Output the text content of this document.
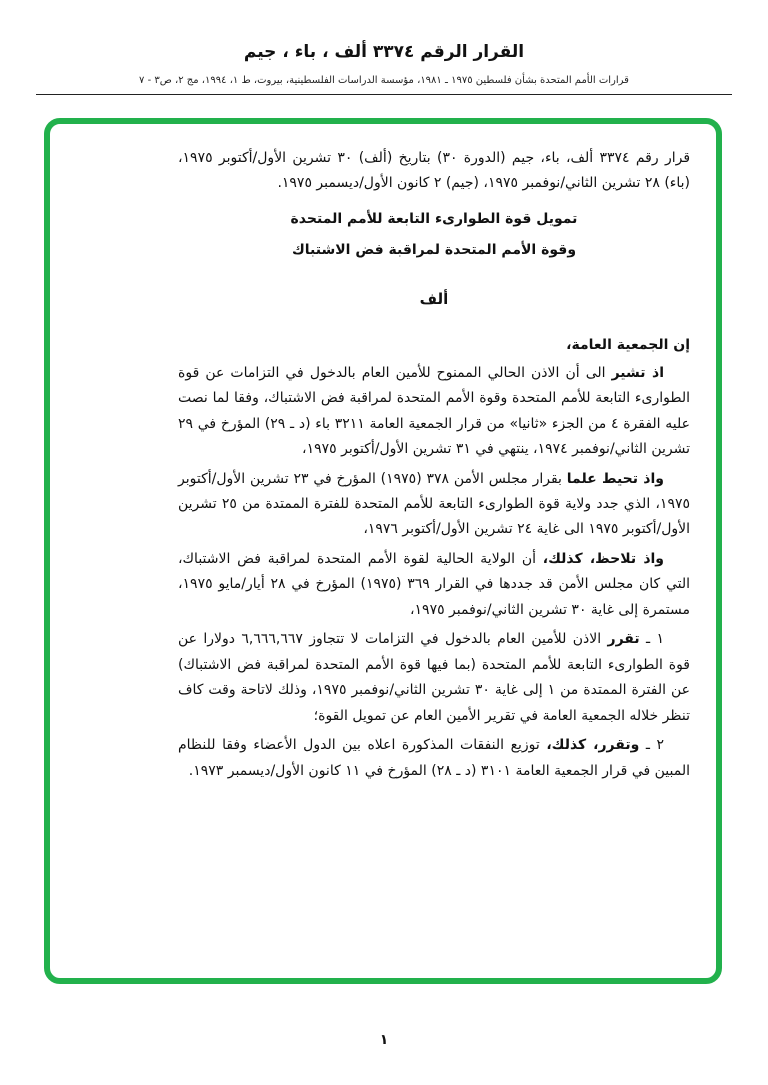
القرار الرقم ٣٣٧٤ ألف ، باء ، جيم
قرارات الأمم المتحدة بشأن فلسطين ١٩٧٥ ـ ١٩٨١، مؤسسة الدراسات الفلسطينية، بيروت، ط ١، ١٩٩٤، مج ٢، ص٣ - ٧
قرار رقم ٣٣٧٤ ألف، باء، جيم (الدورة ٣٠) بتاريخ (ألف) ٣٠ تشرين الأول/أكتوبر ١٩٧٥، (باء) ٢٨ تشرين الثاني/نوفمبر ١٩٧٥، (جيم) ٢ كانون الأول/ديسمبر ١٩٧٥.
تمويل قوة الطوارىء التابعة للأمم المتحدة
وقوة الأمم المتحدة لمراقبة فض الاشتباك
ألف
إن الجمعية العامة،

اذ تشير الى أن الاذن الحالي الممنوح للأمين العام بالدخول في التزامات عن قوة الطوارىء التابعة للأمم المتحدة وقوة الأمم المتحدة لمراقبة فض الاشتباك، وفقا لما نصت عليه الفقرة ٤ من الجزء «ثانيا» من قرار الجمعية العامة ٣٢١١ باء (د ـ ٢٩) المؤرخ في ٢٩ تشرين الثاني/نوفمبر ١٩٧٤، ينتهي في ٣١ تشرين الأول/أكتوبر ١٩٧٥،

واذ تحيط علما بقرار مجلس الأمن ٣٧٨ (١٩٧٥) المؤرخ في ٢٣ تشرين الأول/أكتوبر ١٩٧٥، الذي جدد ولاية قوة الطوارىء التابعة للأمم المتحدة للفترة الممتدة من ٢٥ تشرين الأول/أكتوبر ١٩٧٥ الى غاية ٢٤ تشرين الأول/أكتوبر ١٩٧٦،

واذ تلاحظ، كذلك، أن الولاية الحالية لقوة الأمم المتحدة لمراقبة فض الاشتباك، التي كان مجلس الأمن قد جددها في القرار ٣٦٩ (١٩٧٥) المؤرخ في ٢٨ أيار/مايو ١٩٧٥، مستمرة إلى غاية ٣٠ تشرين الثاني/نوفمبر ١٩٧٥،

١ ـ تقرر الاذن للأمين العام بالدخول في التزامات لا تتجاوز ٦,٦٦٦,٦٦٧ دولارا عن قوة الطوارىء التابعة للأمم المتحدة (بما فيها قوة الأمم المتحدة لمراقبة فض الاشتباك) عن الفترة الممتدة من ١ إلى غاية ٣٠ تشرين الثاني/نوفمبر ١٩٧٥، وذلك لاتاحة وقت كاف تنظر خلاله الجمعية العامة في تقرير الأمين العام عن تمويل القوة؛

٢ ـ وتقرر، كذلك، توزيع النفقات المذكورة اعلاه بين الدول الأعضاء وفقا للنظام المبين في قرار الجمعية العامة ٣١٠١ (د ـ ٢٨) المؤرخ في ١١ كانون الأول/ديسمبر ١٩٧٣.

١
